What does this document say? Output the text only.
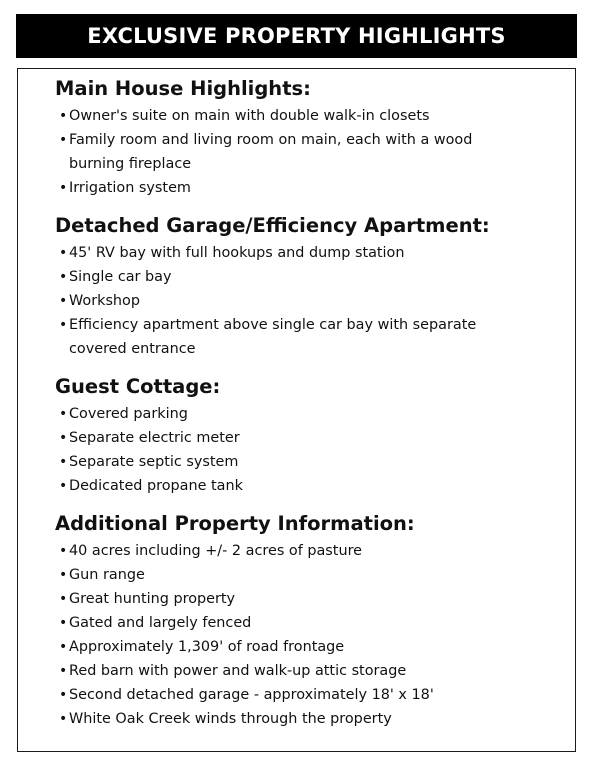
EXCLUSIVE PROPERTY HIGHLIGHTS
Main House Highlights:
• Owner's suite on main with double walk-in closets
• Family room and living room on main, each with a wood burning fireplace
• Irrigation system
Detached Garage/Efficiency Apartment:
• 45' RV bay with full hookups and dump station
• Single car bay
• Workshop
• Efficiency apartment above single car bay with separate covered entrance
Guest Cottage:
• Covered parking
• Separate electric meter
• Separate septic system
• Dedicated propane tank
Additional Property Information:
• 40 acres including +/- 2 acres of pasture
• Gun range
• Great hunting property
• Gated and largely fenced
• Approximately 1,309' of road frontage
• Red barn with power and walk-up attic storage
• Second detached garage - approximately 18' x 18'
• White Oak Creek winds through the property
